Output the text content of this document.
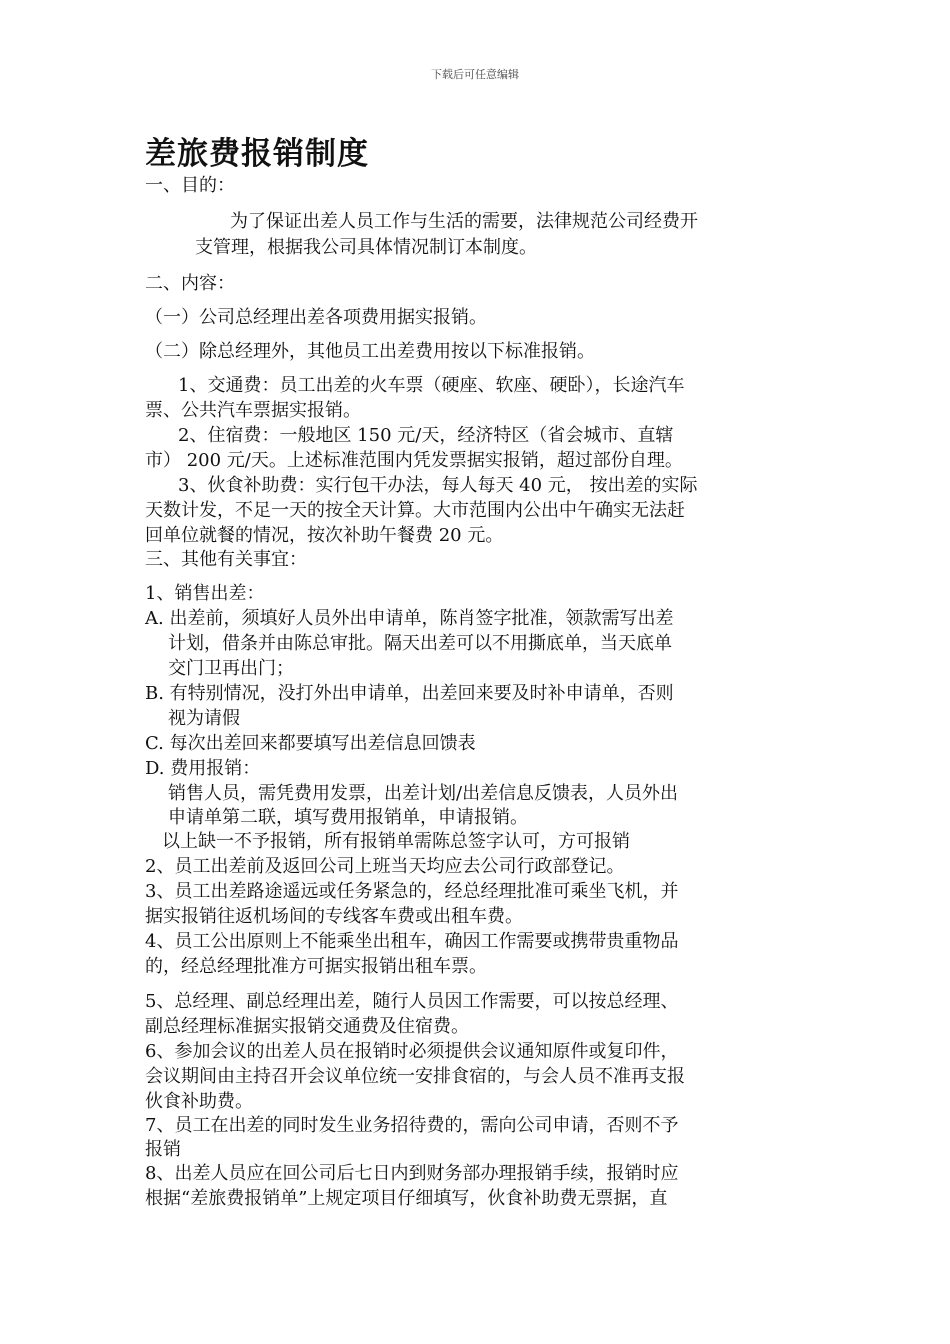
下载后可任意编辑
差旅费报销制度
一、目的：
为了保证出差人员工作与生活的需要，法律规范公司经费开
支管理，根据我公司具体情况制订本制度。
二、内容：
（一）公司总经理出差各项费用据实报销。
（二）除总经理外，其他员工出差费用按以下标准报销。
1、交通费：员工出差的火车票（硬座、软座、硬卧），长途汽车
票、公共汽车票据实报销。
2、住宿费：一般地区 150 元/天，经济特区（省会城市、直辖
市） 200 元/天。上述标准范围内凭发票据实报销，超过部份自理。
3、伙食补助费：实行包干办法，每人每天 40 元， 按出差的实际
天数计发，不足一天的按全天计算。大市范围内公出中午确实无法赶
回单位就餐的情况，按次补助午餐费 20 元。
三、其他有关事宜：
1、销售出差：
A. 出差前，须填好人员外出申请单，陈肖签字批准，领款需写出差
计划，借条并由陈总审批。隔天出差可以不用撕底单，当天底单
交门卫再出门；
B. 有特别情况，没打外出申请单，出差回来要及时补申请单，否则
视为请假
C. 每次出差回来都要填写出差信息回馈表
D. 费用报销：
销售人员，需凭费用发票，出差计划/出差信息反馈表，人员外出
申请单第二联，填写费用报销单，申请报销。
以上缺一不予报销，所有报销单需陈总签字认可，方可报销
2、员工出差前及返回公司上班当天均应去公司行政部登记。
3、员工出差路途遥远或任务紧急的，经总经理批准可乘坐飞机，并
据实报销往返机场间的专线客车费或出租车费。
4、员工公出原则上不能乘坐出租车，确因工作需要或携带贵重物品
的，经总经理批准方可据实报销出租车票。
5、总经理、副总经理出差，随行人员因工作需要，可以按总经理、
副总经理标准据实报销交通费及住宿费。
6、参加会议的出差人员在报销时必须提供会议通知原件或复印件，
会议期间由主持召开会议单位统一安排食宿的，与会人员不准再支报
伙食补助费。
7、员工在出差的同时发生业务招待费的，需向公司申请，否则不予
报销
8、出差人员应在回公司后七日内到财务部办理报销手续，报销时应
根据“差旅费报销单”上规定项目仔细填写，伙食补助费无票据，直
